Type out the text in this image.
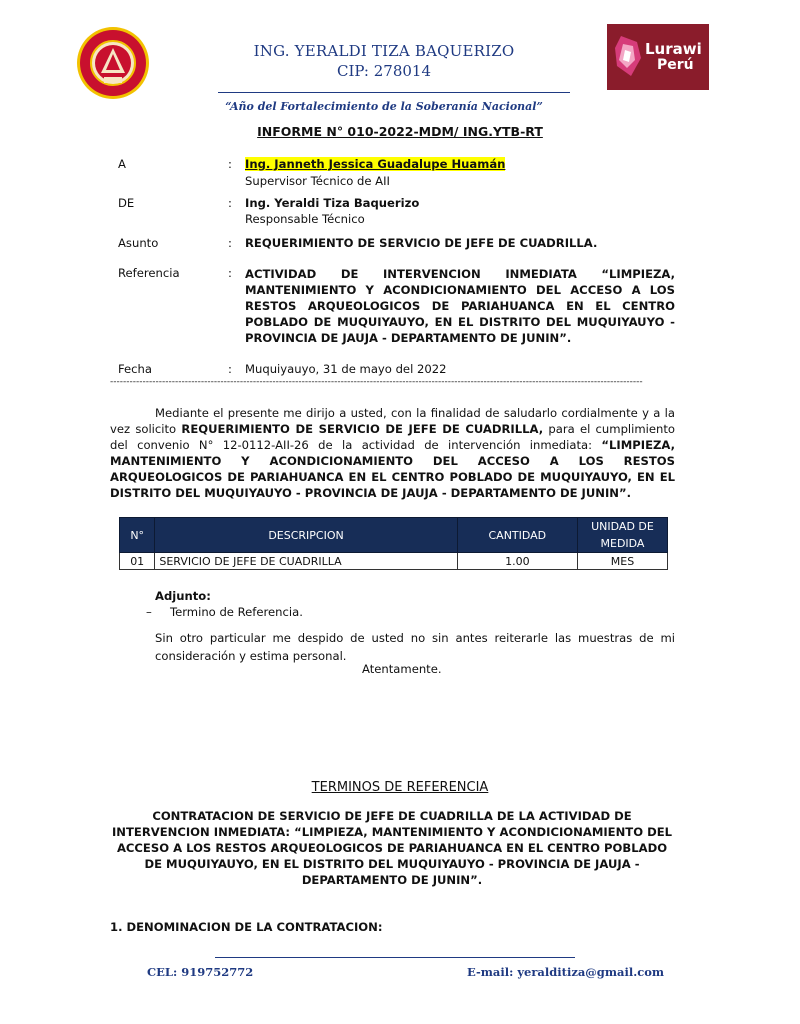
Lurawi
Perú
ING. YERALDI TIZA BAQUERIZO
CIP: 278014
“Año del Fortalecimiento de la Soberanía Nacional”
INFORME N° 010-2022-MDM/ ING.YTB-RT
A	: Ing. Janneth Jessica Guadalupe Huamán
Supervisor Técnico de AII
DE	: Ing. Yeraldi Tiza Baquerizo
Responsable Técnico
Asunto	: REQUERIMIENTO DE SERVICIO DE JEFE DE CUADRILLA.
Referencia	: ACTIVIDAD DE INTERVENCION INMEDIATA “LIMPIEZA, MANTENIMIENTO Y ACONDICIONAMIENTO DEL ACCESO A LOS RESTOS ARQUEOLOGICOS DE PARIAHUANCA EN EL CENTRO POBLADO DE MUQUIYAUYO, EN EL DISTRITO DEL MUQUIYAUYO - PROVINCIA DE JAUJA - DEPARTAMENTO DE JUNIN”.
Fecha	: Muquiyauyo, 31 de mayo del 2022
--------------------------------------------------------------------------------------------------------------------------------------------------------------------
Mediante el presente me dirijo a usted, con la finalidad de saludarlo cordialmente y a la vez solicito REQUERIMIENTO DE SERVICIO DE JEFE DE CUADRILLA, para el cumplimiento del convenio N° 12-0112-AII-26 de la actividad de intervención inmediata: “LIMPIEZA, MANTENIMIENTO Y ACONDICIONAMIENTO DEL ACCESO A LOS RESTOS ARQUEOLOGICOS DE PARIAHUANCA EN EL CENTRO POBLADO DE MUQUIYAUYO, EN EL DISTRITO DEL MUQUIYAUYO - PROVINCIA DE JAUJA - DEPARTAMENTO DE JUNIN”.
N°	DESCRIPCION	CANTIDAD	UNIDAD DE MEDIDA
01	SERVICIO DE JEFE DE CUADRILLA	1.00	MES
Adjunto:
– Termino de Referencia.
Sin otro particular me despido de usted no sin antes reiterarle las muestras de mi consideración y estima personal.
Atentamente.
TERMINOS DE REFERENCIA
CONTRATACION DE SERVICIO DE JEFE DE CUADRILLA DE LA ACTIVIDAD DE INTERVENCION INMEDIATA: “LIMPIEZA, MANTENIMIENTO Y ACONDICIONAMIENTO DEL ACCESO A LOS RESTOS ARQUEOLOGICOS DE PARIAHUANCA EN EL CENTRO POBLADO DE MUQUIYAUYO, EN EL DISTRITO DEL MUQUIYAUYO - PROVINCIA DE JAUJA - DEPARTAMENTO DE JUNIN”.
1. DENOMINACION DE LA CONTRATACION:
CEL: 919752772	E-mail: yeralditiza@gmail.com
